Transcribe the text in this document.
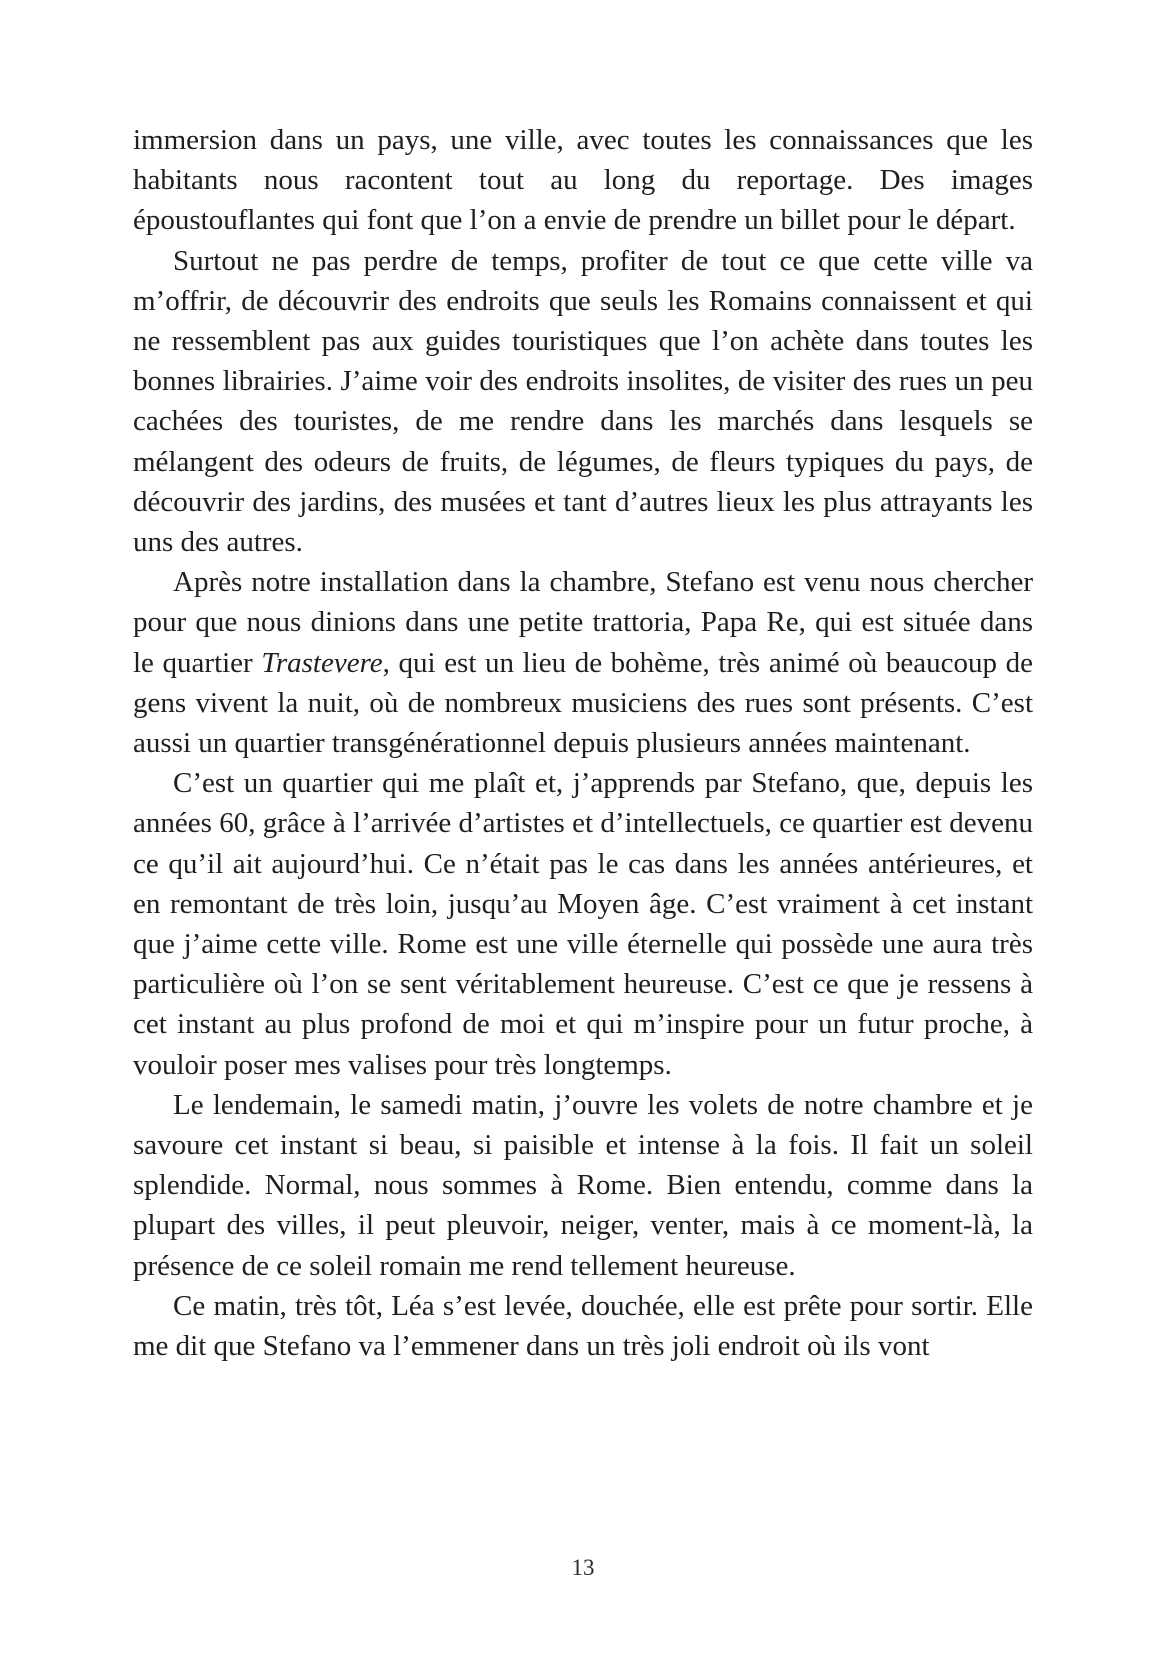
immersion dans un pays, une ville, avec toutes les connaissances que les habitants nous racontent tout au long du reportage. Des images époustouflantes qui font que l’on a envie de prendre un billet pour le départ.

Surtout ne pas perdre de temps, profiter de tout ce que cette ville va m’offrir, de découvrir des endroits que seuls les Romains connaissent et qui ne ressemblent pas aux guides touristiques que l’on achète dans toutes les bonnes librairies. J’aime voir des endroits insolites, de visiter des rues un peu cachées des touristes, de me rendre dans les marchés dans lesquels se mélangent des odeurs de fruits, de légumes, de fleurs typiques du pays, de découvrir des jardins, des musées et tant d’autres lieux les plus attrayants les uns des autres.

Après notre installation dans la chambre, Stefano est venu nous chercher pour que nous dinions dans une petite trattoria, Papa Re, qui est située dans le quartier Trastevere, qui est un lieu de bohème, très animé où beaucoup de gens vivent la nuit, où de nombreux musiciens des rues sont présents. C’est aussi un quartier transgénérationnel depuis plusieurs années maintenant.

C’est un quartier qui me plaît et, j’apprends par Stefano, que, depuis les années 60, grâce à l’arrivée d’artistes et d’intellectuels, ce quartier est devenu ce qu’il ait aujourd’hui. Ce n’était pas le cas dans les années antérieures, et en remontant de très loin, jusqu’au Moyen âge. C’est vraiment à cet instant que j’aime cette ville. Rome est une ville éternelle qui possède une aura très particulière où l’on se sent véritablement heureuse. C’est ce que je ressens à cet instant au plus profond de moi et qui m’inspire pour un futur proche, à vouloir poser mes valises pour très longtemps.

Le lendemain, le samedi matin, j’ouvre les volets de notre chambre et je savoure cet instant si beau, si paisible et intense à la fois. Il fait un soleil splendide. Normal, nous sommes à Rome. Bien entendu, comme dans la plupart des villes, il peut pleuvoir, neiger, venter, mais à ce moment-là, la présence de ce soleil romain me rend tellement heureuse.

Ce matin, très tôt, Léa s’est levée, douchée, elle est prête pour sortir. Elle me dit que Stefano va l’emmener dans un très joli endroit où ils vont

13
